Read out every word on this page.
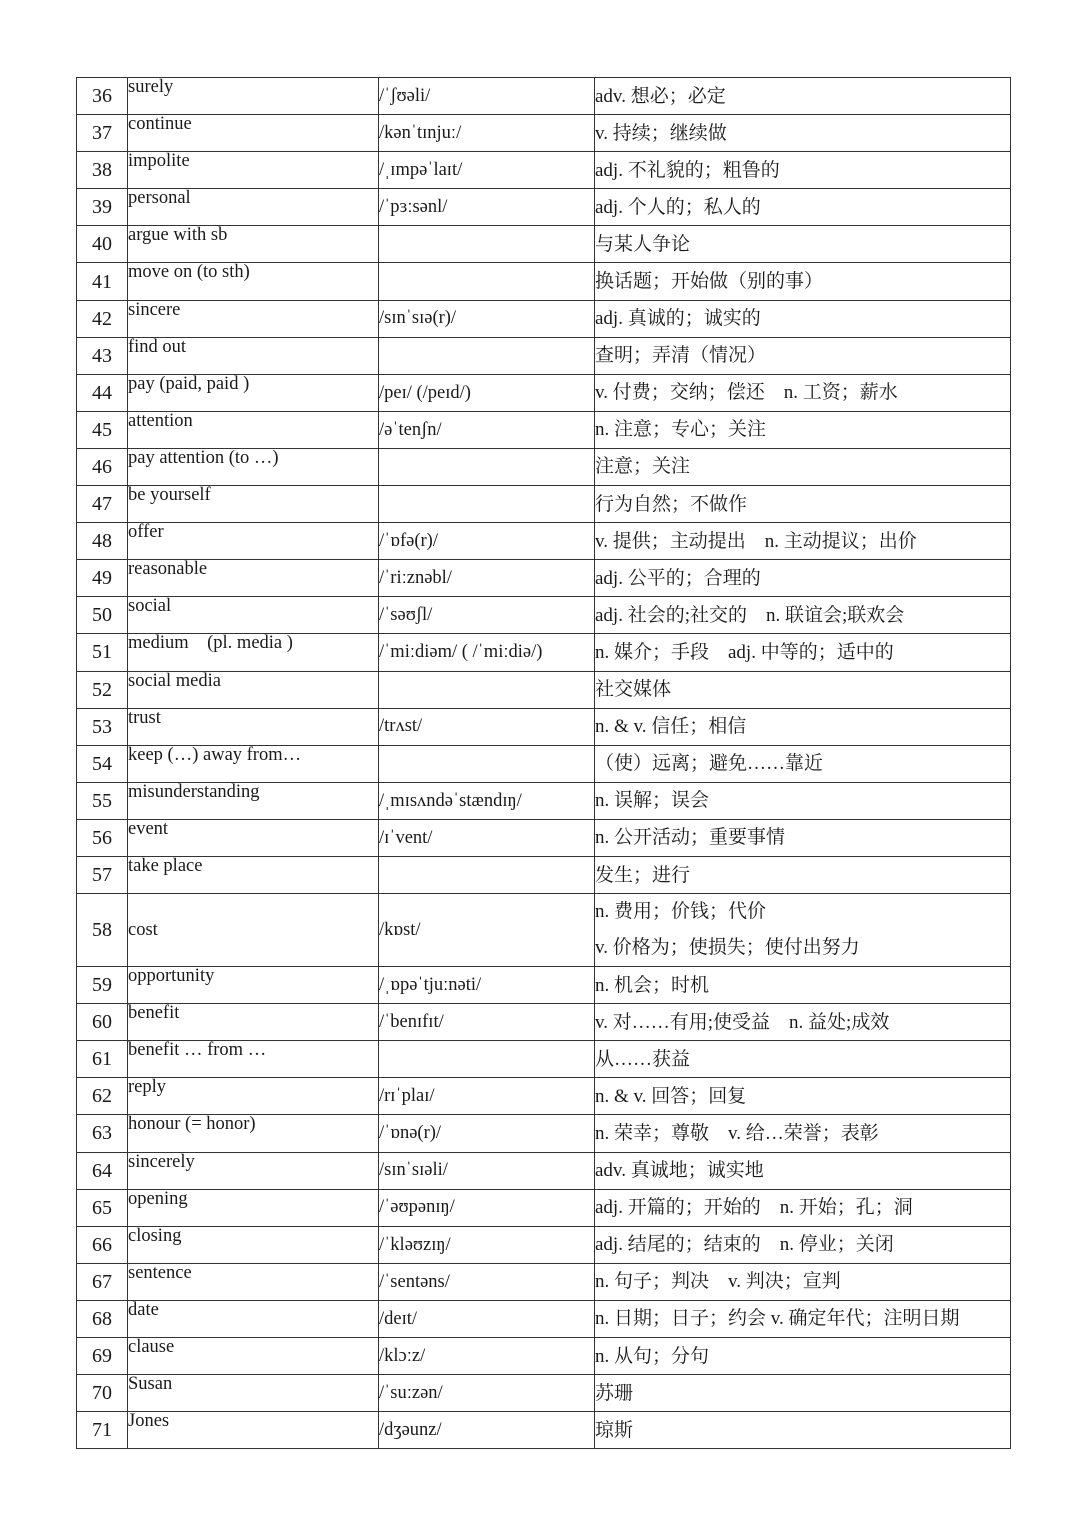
36	surely	/ˈʃʊəli/	adv. 想必；必定
37	continue	/kənˈtɪnjuː/	v. 持续；继续做
38	impolite	/ˌɪmpəˈlaɪt/	adj. 不礼貌的；粗鲁的
39	personal	/ˈpɜːsənl/	adj. 个人的；私人的
40	argue with sb		与某人争论
41	move on (to sth)		换话题；开始做（别的事）
42	sincere	/sɪnˈsɪə(r)/	adj. 真诚的；诚实的
43	find out		查明；弄清（情况）
44	pay (paid, paid )	/peɪ/ (/peɪd/)	v. 付费；交纳；偿还　n. 工资；薪水
45	attention	/əˈtenʃn/	n. 注意；专心；关注
46	pay attention (to …)		注意；关注
47	be yourself		行为自然；不做作
48	offer	/ˈɒfə(r)/	v. 提供；主动提出　n. 主动提议；出价
49	reasonable	/ˈriːznəbl/	adj. 公平的；合理的
50	social	/ˈsəʊʃl/	adj. 社会的;社交的　n. 联谊会;联欢会
51	medium　(pl. media )	/ˈmiːdiəm/ ( /ˈmiːdiə/)	n. 媒介；手段　adj. 中等的；适中的
52	social media		社交媒体
53	trust	/trʌst/	n. & v. 信任；相信
54	keep (…) away from…		（使）远离；避免……靠近
55	misunderstanding	/ˌmɪsʌndəˈstændɪŋ/	n. 误解；误会
56	event	/ɪˈvent/	n. 公开活动；重要事情
57	take place		发生；进行
58	cost	/kɒst/	n. 费用；价钱；代价
v. 价格为；使损失；使付出努力

59	opportunity	/ˌɒpəˈtjuːnəti/	n. 机会；时机
60	benefit	/ˈbenɪfɪt/	v. 对……有用;使受益　n. 益处;成效
61	benefit … from …		从……获益
62	reply	/rɪˈplaɪ/	n. & v. 回答；回复
63	honour (= honor)	/ˈɒnə(r)/	n. 荣幸；尊敬　v. 给…荣誉；表彰
64	sincerely	/sɪnˈsɪəli/	adv. 真诚地；诚实地
65	opening	/ˈəʊpənɪŋ/	adj. 开篇的；开始的　n. 开始；孔；洞
66	closing	/ˈkləʊzɪŋ/	adj. 结尾的；结束的　n. 停业；关闭
67	sentence	/ˈsentəns/	n. 句子；判决　v. 判决；宣判
68	date	/deɪt/	n. 日期；日子；约会 v. 确定年代；注明日期
69	clause	/klɔːz/	n. 从句；分句
70	Susan	/ˈsuːzən/	苏珊
71	Jones	/dʒəunz/	琼斯
